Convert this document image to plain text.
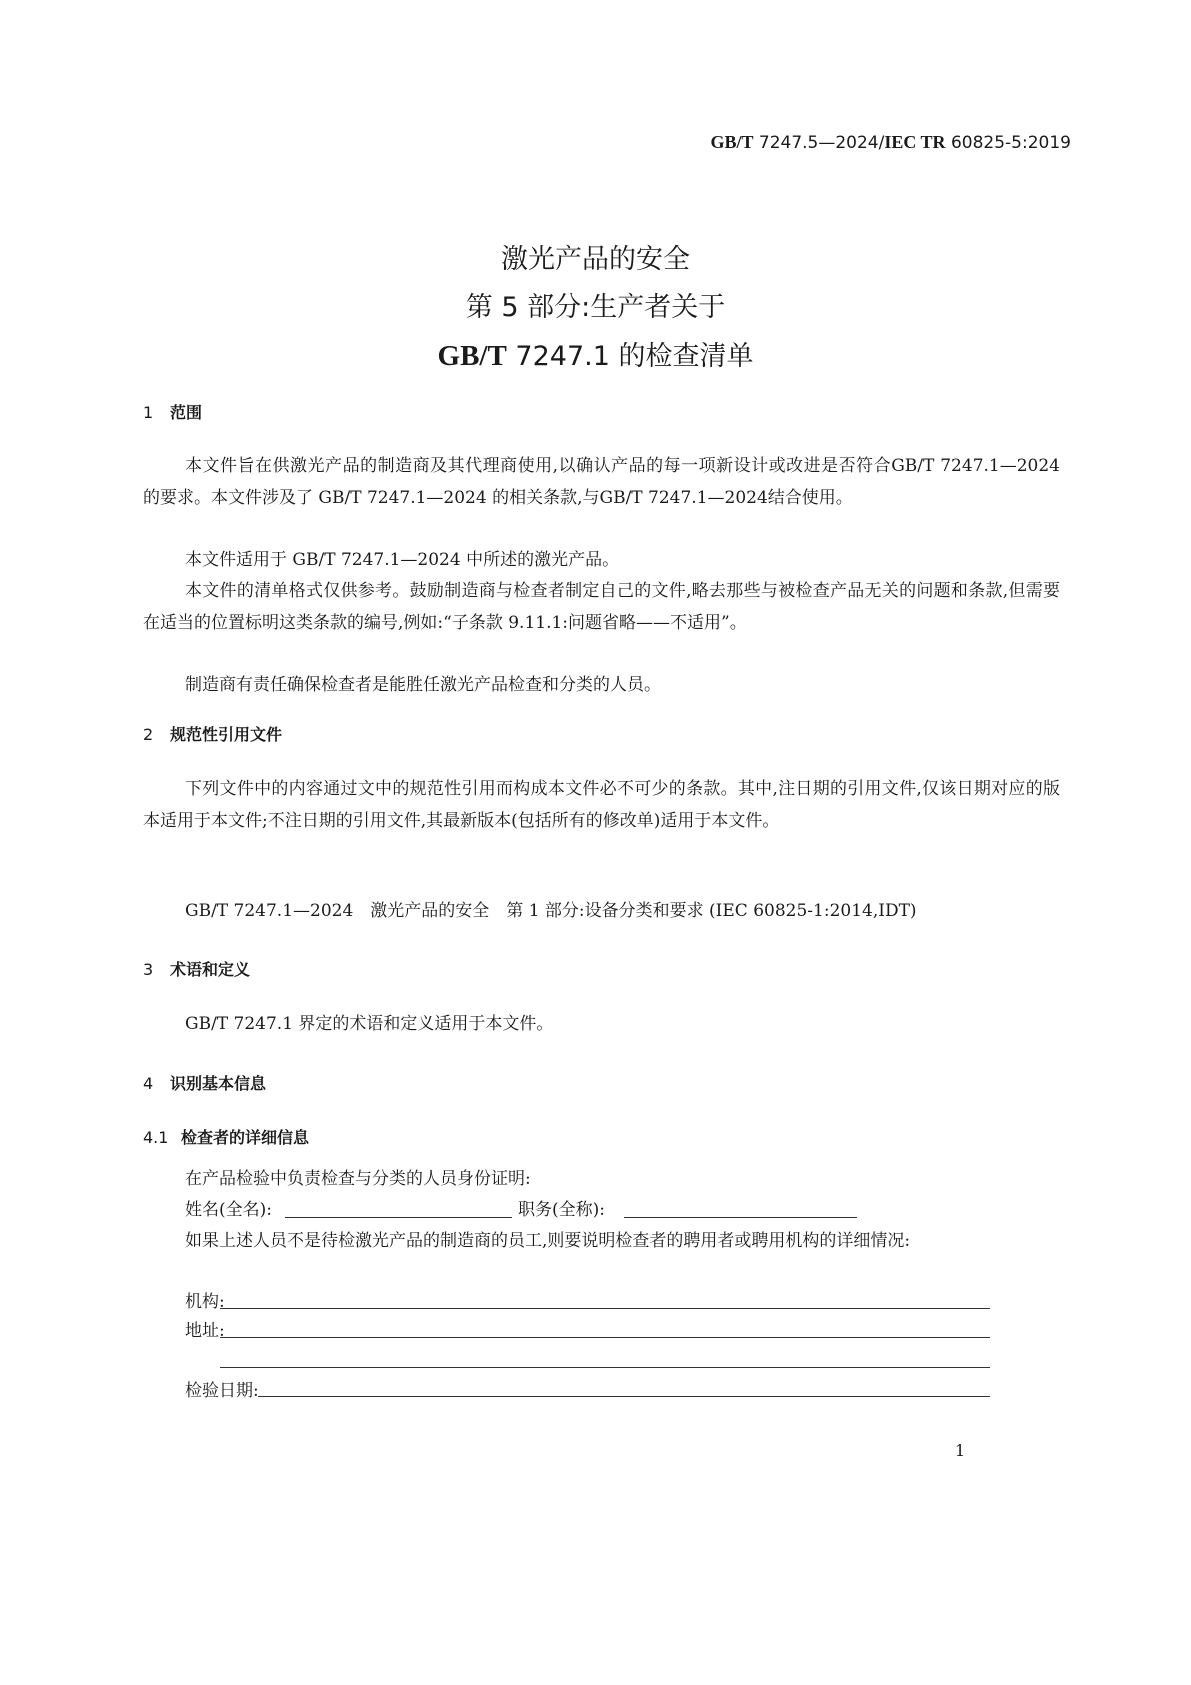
GB/T 7247.5—2024/IEC TR 60825-5:2019
激光产品的安全
第 5 部分:生产者关于
GB/T 7247.1 的检查清单
1 范围
本文件旨在供激光产品的制造商及其代理商使用,以确认产品的每一项新设计或改进是否符合GB/T 7247.1—2024 的要求。本文件涉及了 GB/T 7247.1—2024 的相关条款,与GB/T 7247.1—2024结合使用。
本文件适用于 GB/T 7247.1—2024 中所述的激光产品。
本文件的清单格式仅供参考。鼓励制造商与检查者制定自己的文件,略去那些与被检查产品无关的问题和条款,但需要在适当的位置标明这类条款的编号,例如:“子条款 9.11.1:问题省略——不适用”。
制造商有责任确保检查者是能胜任激光产品检查和分类的人员。
2 规范性引用文件
下列文件中的内容通过文中的规范性引用而构成本文件必不可少的条款。其中,注日期的引用文件,仅该日期对应的版本适用于本文件;不注日期的引用文件,其最新版本(包括所有的修改单)适用于本文件。
GB/T 7247.1—2024　激光产品的安全　第 1 部分:设备分类和要求 (IEC 60825-1:2014,IDT)
3 术语和定义
GB/T 7247.1 界定的术语和定义适用于本文件。
4 识别基本信息
4.1 检查者的详细信息
在产品检验中负责检查与分类的人员身份证明:
姓名(全名):	职务(全称):
如果上述人员不是待检激光产品的制造商的员工,则要说明检查者的聘用者或聘用机构的详细情况:
机构:
地址:
检验日期:
1
